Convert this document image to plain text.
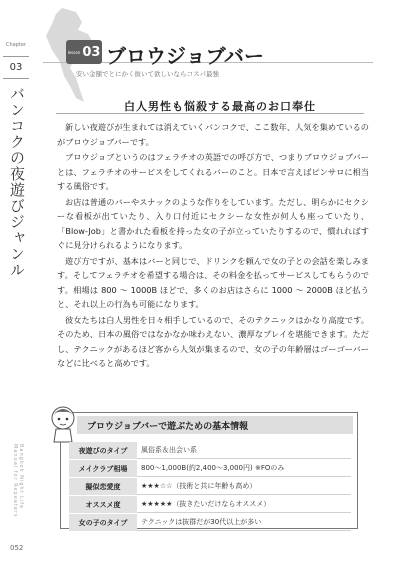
Chapter
03
バンコクの夜遊びジャンル
Bangkok Night Life Manual for Repeaters
052
lesson 03 ブロウジョブバー
安い金額でとにかく抜いて欲しいならコスパ最強
白人男性も悩殺する最高のお口奉仕

新しい夜遊びが生まれては消えていくバンコクで、ここ数年、人気を集めているのがブロウジョブバーです。

ブロウジョブというのはフェラチオの英語での呼び方で、つまりブロウジョブバーとは、フェラチオのサービスをしてくれるバーのこと。日本で言えばピンサロに相当する風俗です。

お店は普通のバーやスナックのような作りをしています。ただし、明らかにセクシーな看板が出ていたり、入り口付近にセクシーな女性が何人も座っていたり、「Blow-Job」と書かれた看板を持った女の子が立っていたりするので、慣れればすぐに見分けられるようになります。

遊び方ですが、基本はバーと同じで、ドリンクを頼んで女の子との会話を楽しみます。そしてフェラチオを希望する場合は、その料金を払ってサービスしてもらうのです。相場は 800 ～ 1000B ほどで、多くのお店はさらに 1000 ～ 2000B ほど払うと、それ以上の行為も可能になります。

彼女たちは白人男性を日々相手しているので、そのテクニックはかなり高度です。そのため、日本の風俗ではなかなか味わえない、濃厚なプレイを堪能できます。ただし、テクニックがあるほど客から人気が集まるので、女の子の年齢層はゴーゴーバーなどに比べると高めです。

ブロウジョブバーで遊ぶための基本情報
夜遊びのタイプ	風俗系＆出会い系
メイクラブ相場	800～1,000B(約2,400～3,000円) ※FOのみ
擬似恋愛度	★★★☆☆（技術と共に年齢も高め）
オススメ度	★★★★★（抜きたいだけならオススメ）
女の子のタイプ	テクニックは抜群だが30代以上が多い
